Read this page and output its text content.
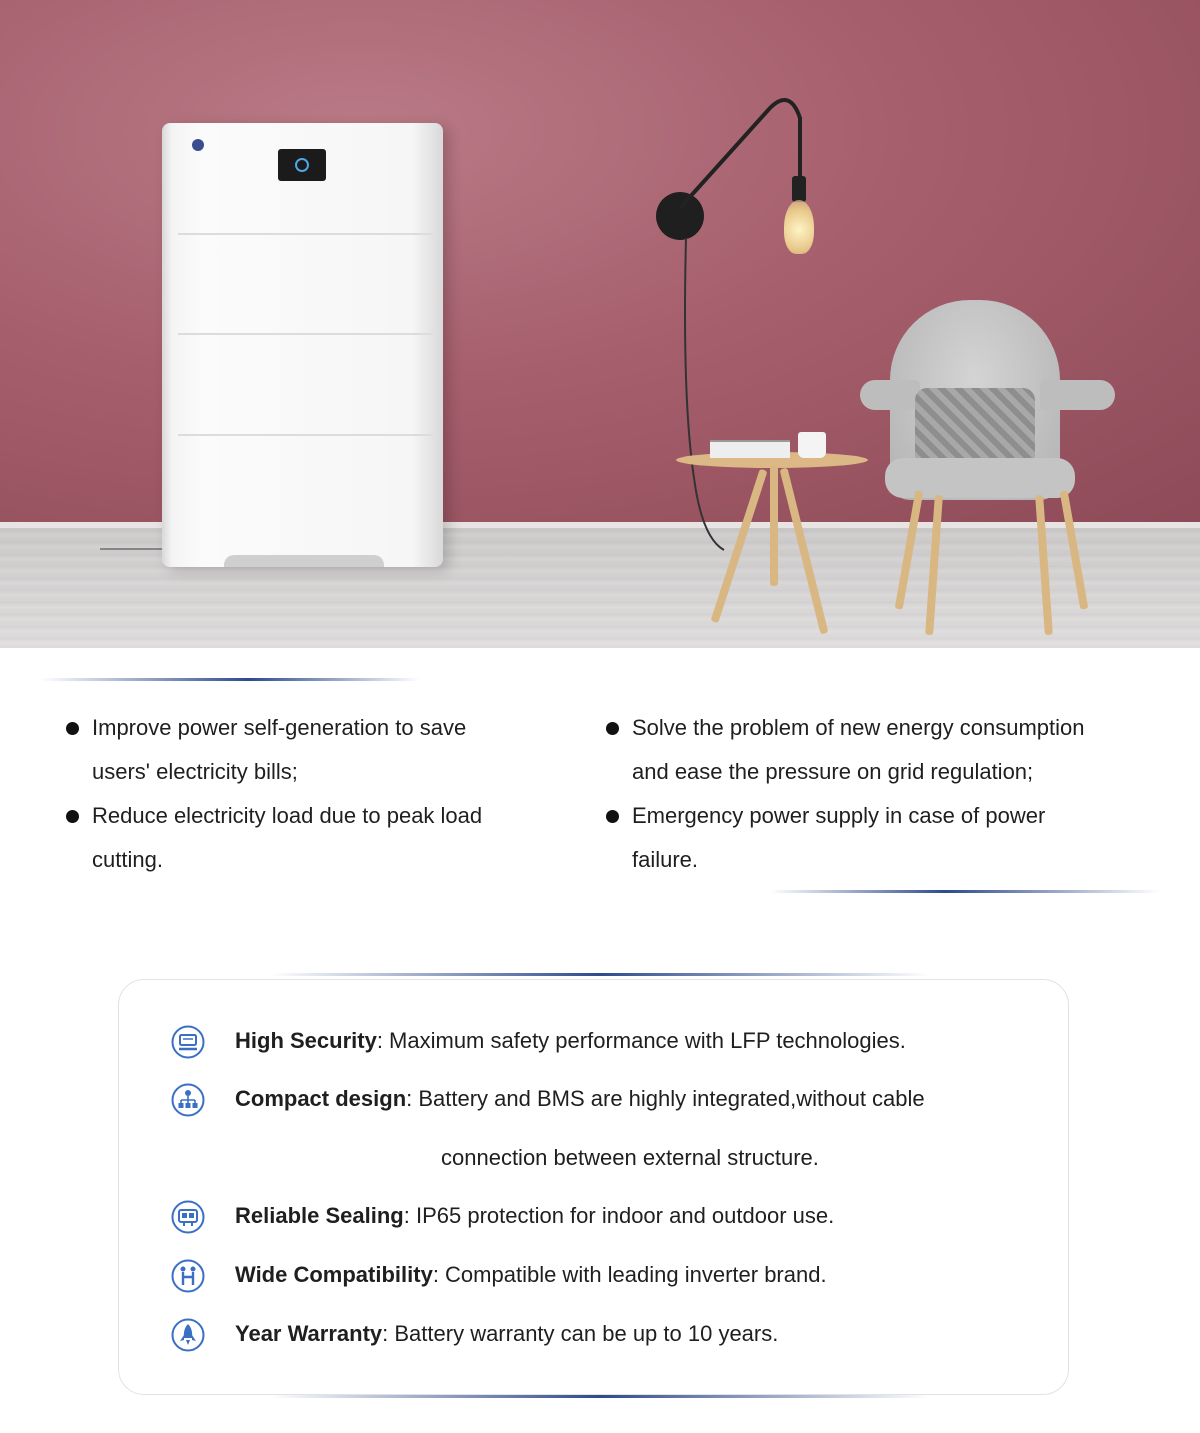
Improve power self-generation to save
users' electricity bills;
Reduce electricity load due to peak load
cutting.
Solve the problem of new energy consumption
and ease the pressure on grid regulation;
Emergency power supply in case of power
failure.
High Security: Maximum safety performance with LFP technologies.
Compact design: Battery and BMS are highly integrated,without cable
connection between external structure.
Reliable Sealing: IP65 protection for indoor and outdoor use.
Wide Compatibility: Compatible with leading inverter brand.
Year Warranty: Battery warranty can be up to 10 years.
